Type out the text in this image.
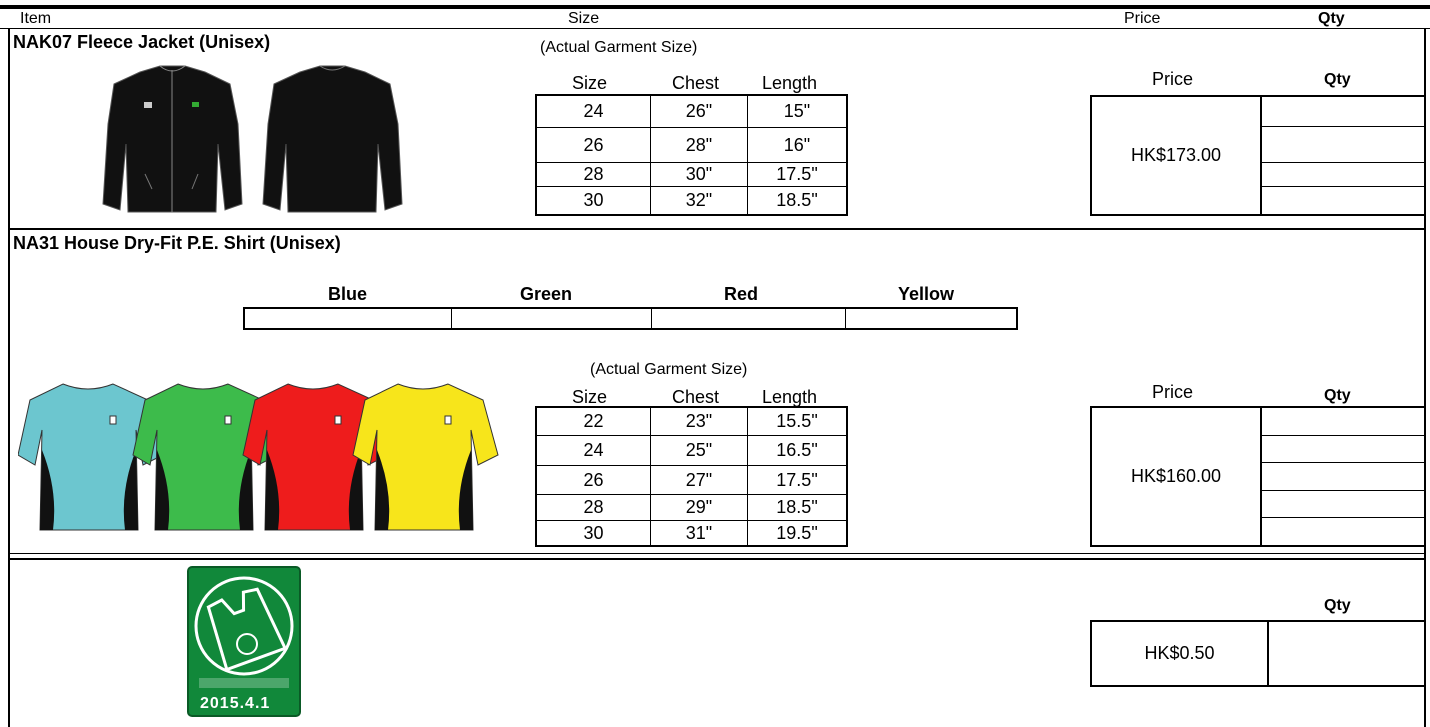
Item	Size	Price	Qty
NAK07 Fleece Jacket (Unisex)	(Actual Garment Size)
Size	Chest Length
24	26"	15"
26	28"	16"
28	30"	17.5"
30	32"	18.5"
Price	Qty
HK$173.00
NA31 House Dry-Fit P.E. Shirt (Unisex)
Blue	Green	Red	Yellow
(Actual Garment Size)
Size	Chest Length
22	23"	15.5"
24	25"	16.5"
26	27"	17.5"
28	29"	18.5"
30	31"	19.5"
Price	Qty
HK$160.00
2015.4.1
Qty
HK$0.50
